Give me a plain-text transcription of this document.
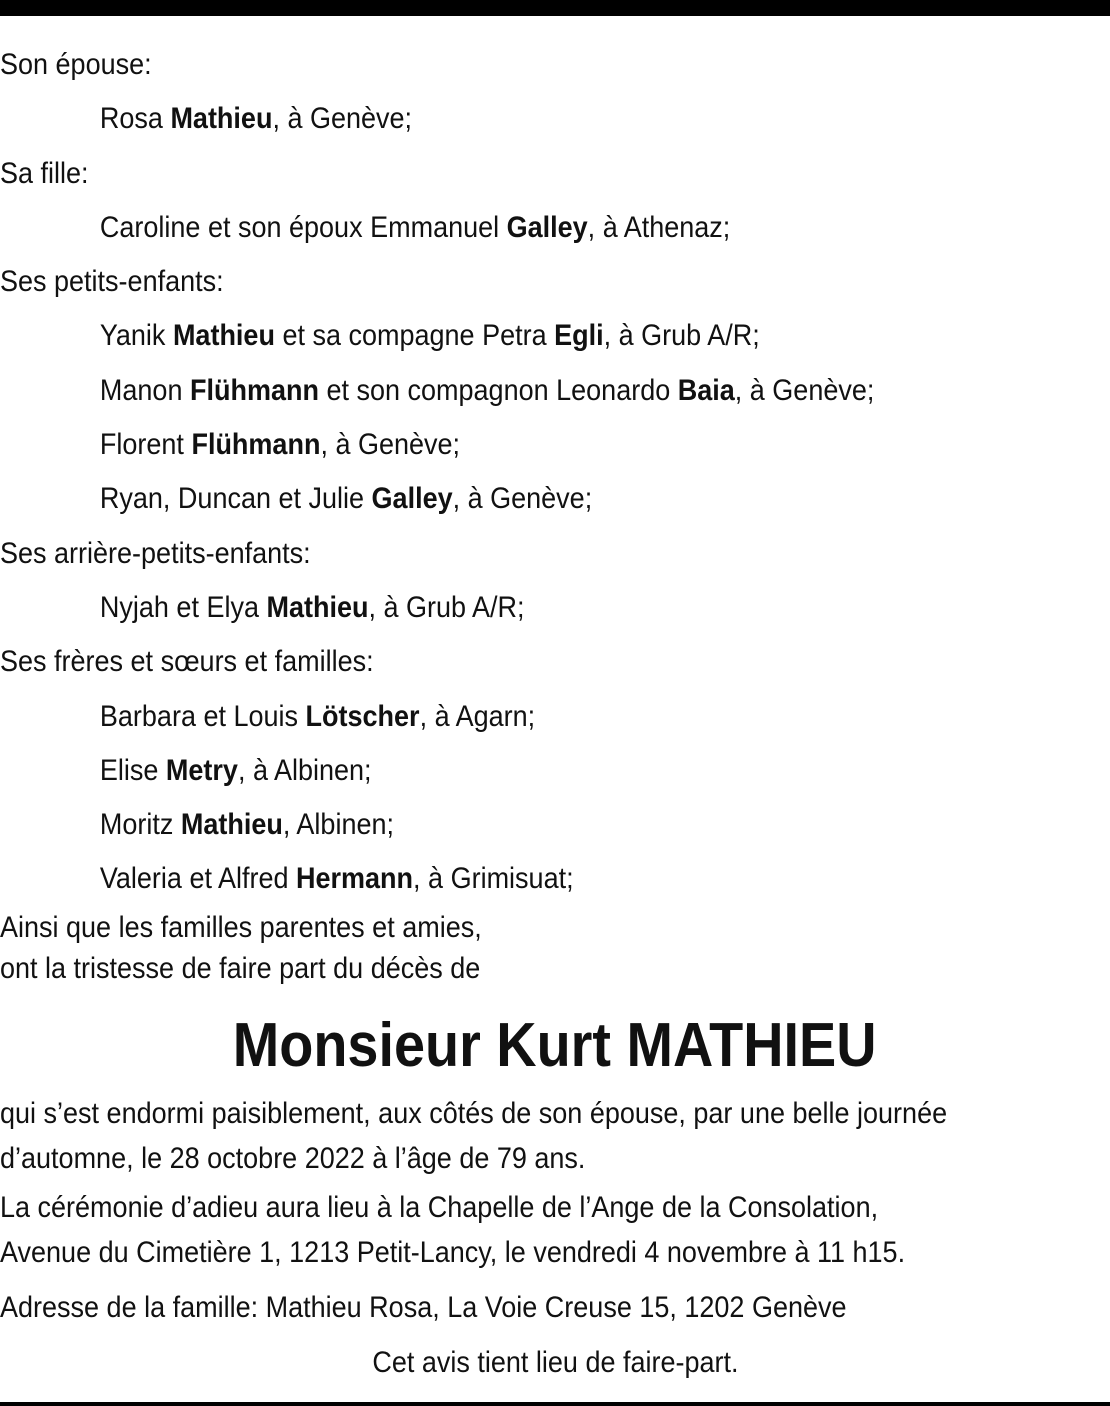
Son épouse:
Rosa Mathieu, à Genève;
Sa fille:
Caroline et son époux Emmanuel Galley, à Athenaz;
Ses petits-enfants:
Yanik Mathieu et sa compagne Petra Egli, à Grub A/R;
Manon Flühmann et son compagnon Leonardo Baia, à Genève;
Florent Flühmann, à Genève;
Ryan, Duncan et Julie Galley, à Genève;
Ses arrière-petits-enfants:
Nyjah et Elya Mathieu, à Grub A/R;
Ses frères et sœurs et familles:
Barbara et Louis Lötscher, à Agarn;
Elise Metry, à Albinen;
Moritz Mathieu, Albinen;
Valeria et Alfred Hermann, à Grimisuat;
Ainsi que les familles parentes et amies,
ont la tristesse de faire part du décès de
Monsieur Kurt MATHIEU
qui s’est endormi paisiblement, aux côtés de son épouse, par une belle journée
d’automne, le 28 octobre 2022 à l’âge de 79 ans.
La cérémonie d’adieu aura lieu à la Chapelle de l’Ange de la Consolation,
Avenue du Cimetière 1, 1213 Petit-Lancy, le vendredi 4 novembre à 11 h15.
Adresse de la famille: Mathieu Rosa, La Voie Creuse 15, 1202 Genève
Cet avis tient lieu de faire-part.
